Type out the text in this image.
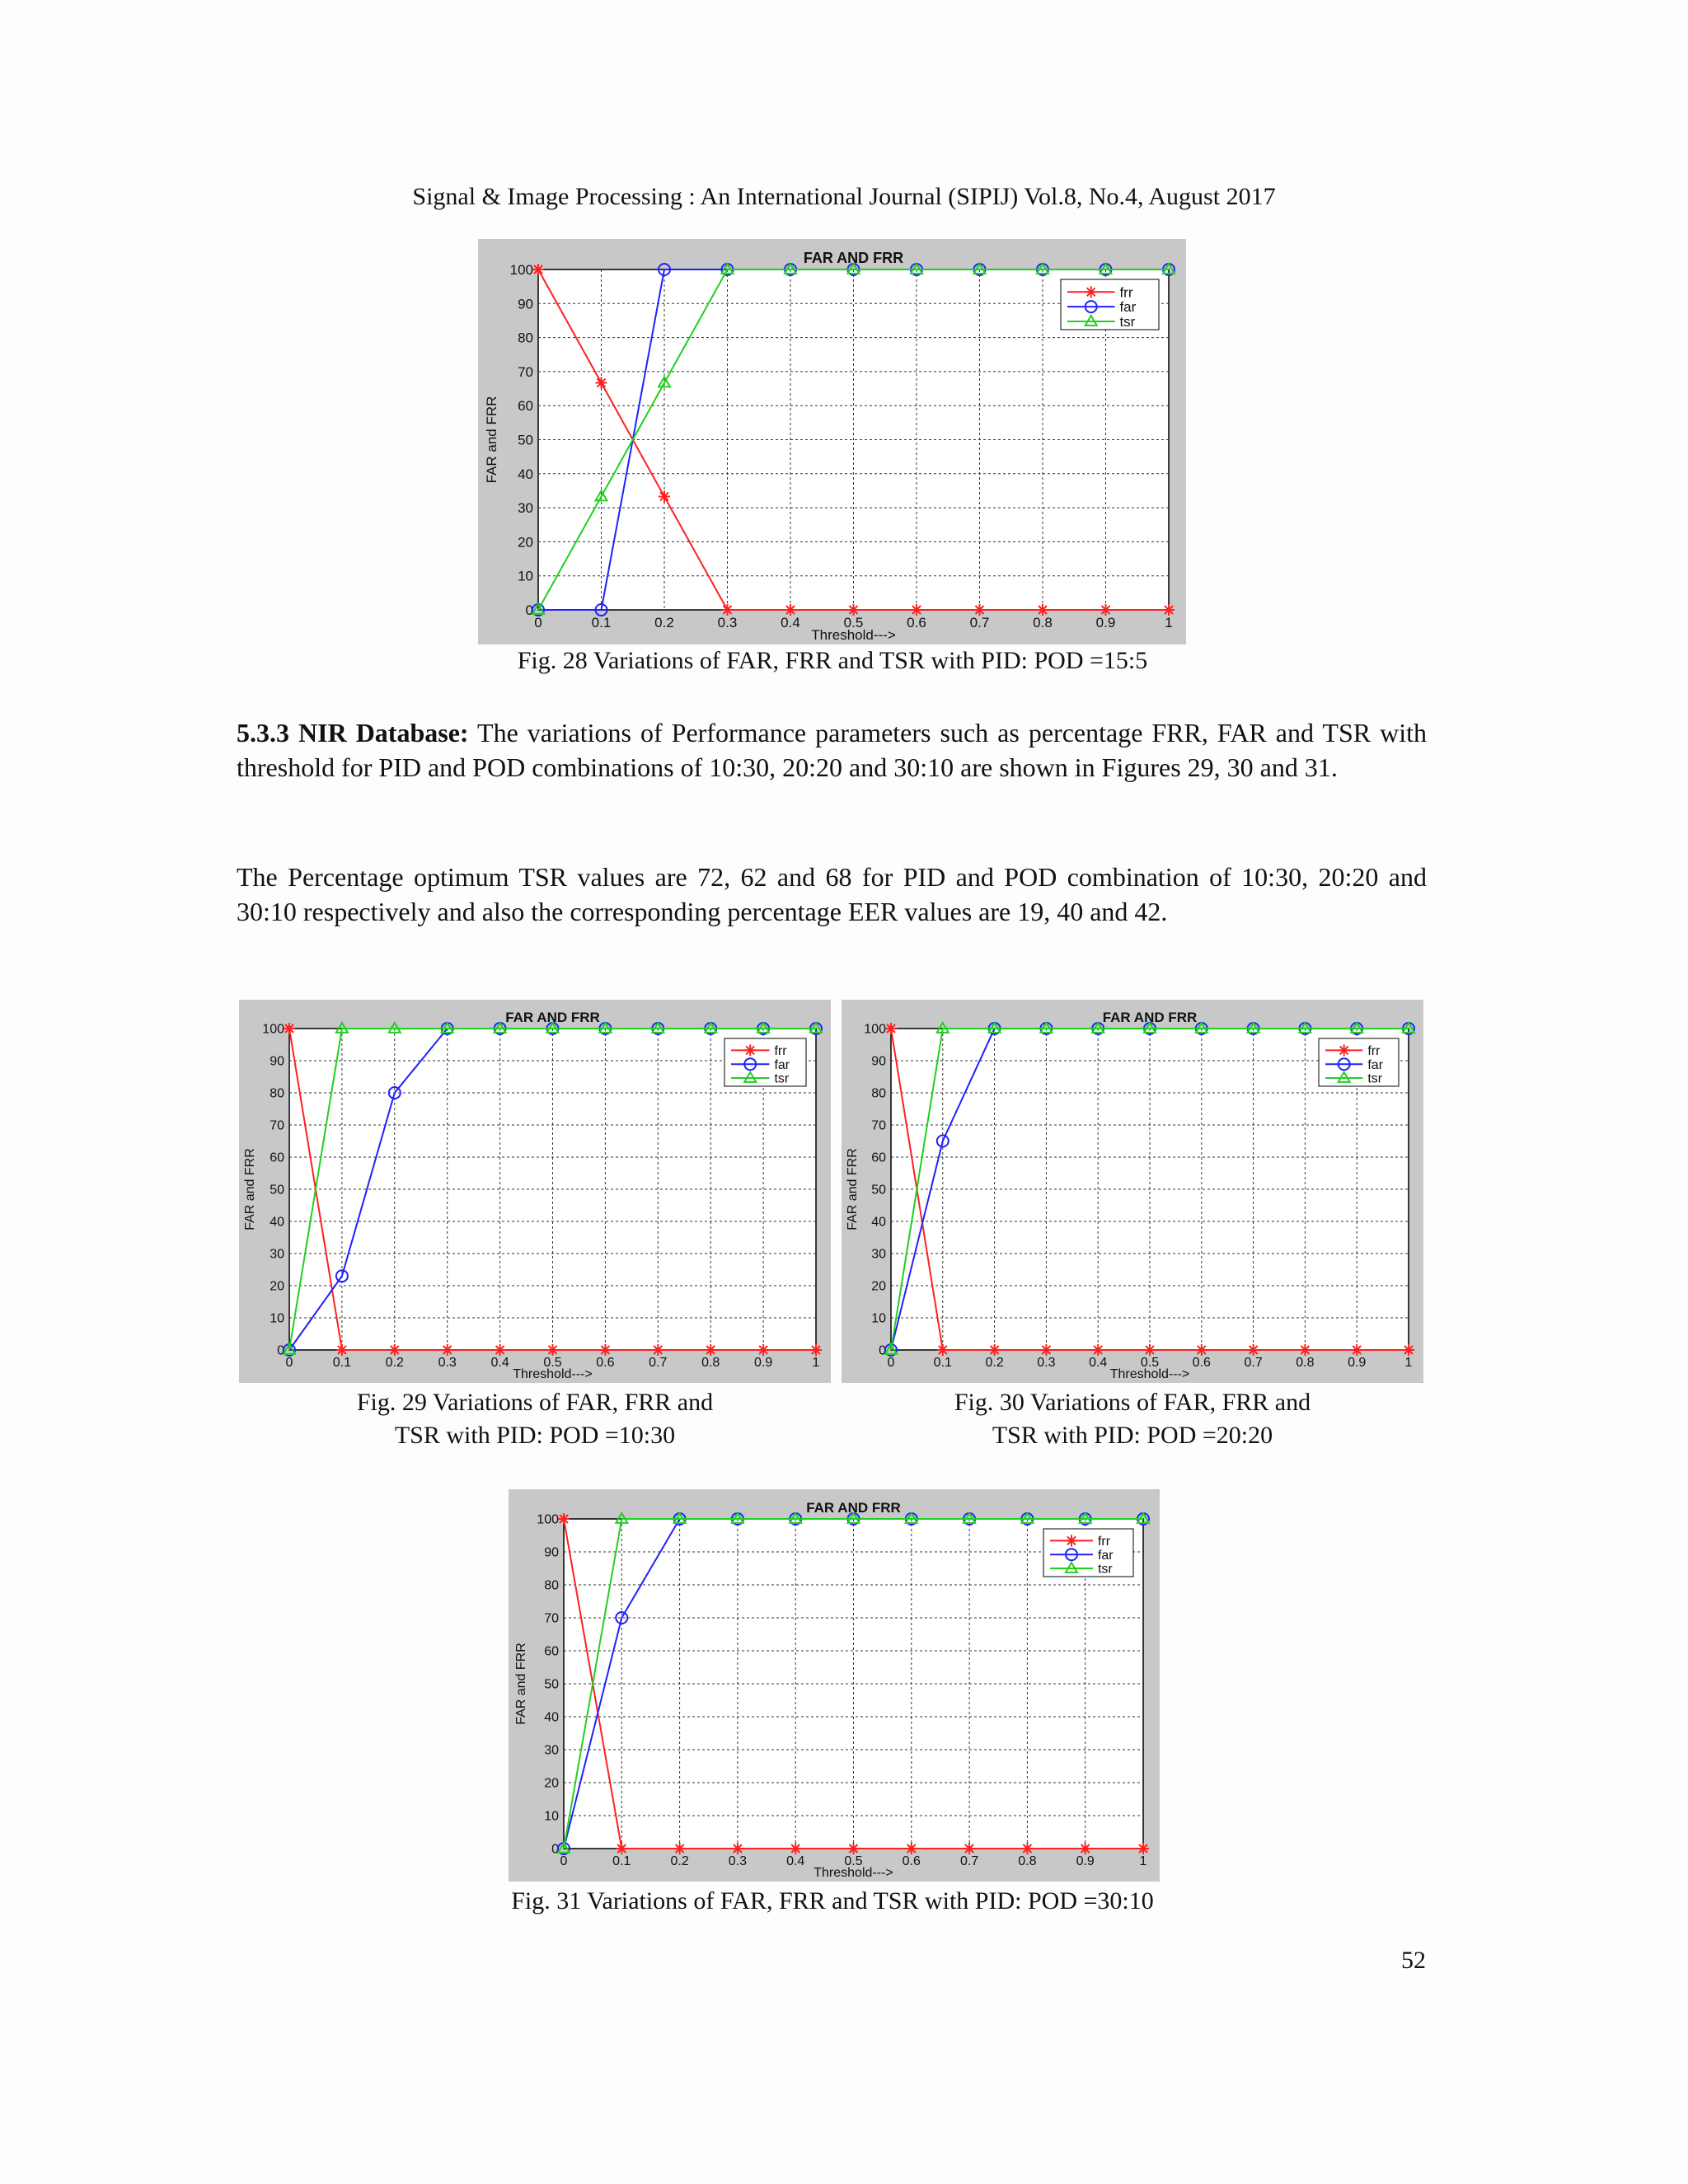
Signal & Image Processing : An International Journal (SIPIJ) Vol.8, No.4, August 2017
0	0.1	0.2	0.3	0.4	0.5	0.6	0.7	0.8	0.9	1
0
10
20
30
40
50
60
70
80
90
100
FAR AND FRR
Threshold--->
FAR and FRR
frr
far
tsr
Fig. 28 Variations of FAR, FRR and TSR with PID: POD =15:5
5.3.3 NIR Database: The variations of Performance parameters such as percentage FRR, FAR and TSR with threshold for PID and POD combinations of 10:30, 20:20 and 30:10 are shown in Figures 29, 30 and 31.
The Percentage optimum TSR values are 72, 62 and 68 for PID and POD combination of 10:30, 20:20 and 30:10 respectively and also the corresponding percentage EER values are 19, 40 and 42.
0	0.1	0.2	0.3	0.4	0.5	0.6	0.7	0.8	0.9	1
0
10
20
30
40
50
60
70
80
90
100
FAR AND FRR
Threshold--->
FAR and FRR
frr
far
tsr
Fig. 29 Variations of FAR, FRR and
TSR with PID: POD =10:30
0	0.1	0.2	0.3	0.4	0.5	0.6	0.7	0.8	0.9	1
0
10
20
30
40
50
60
70
80
90
100
FAR AND FRR
Threshold--->
FAR and FRR
frr
far
tsr
Fig. 30 Variations of FAR, FRR and
TSR with PID: POD =20:20
0	0.1	0.2	0.3	0.4	0.5	0.6	0.7	0.8	0.9	1
0
10
20
30
40
50
60
70
80
90
100
FAR AND FRR
Threshold--->
FAR and FRR
frr
far
tsr
Fig. 31 Variations of FAR, FRR and TSR with PID: POD =30:10
52
